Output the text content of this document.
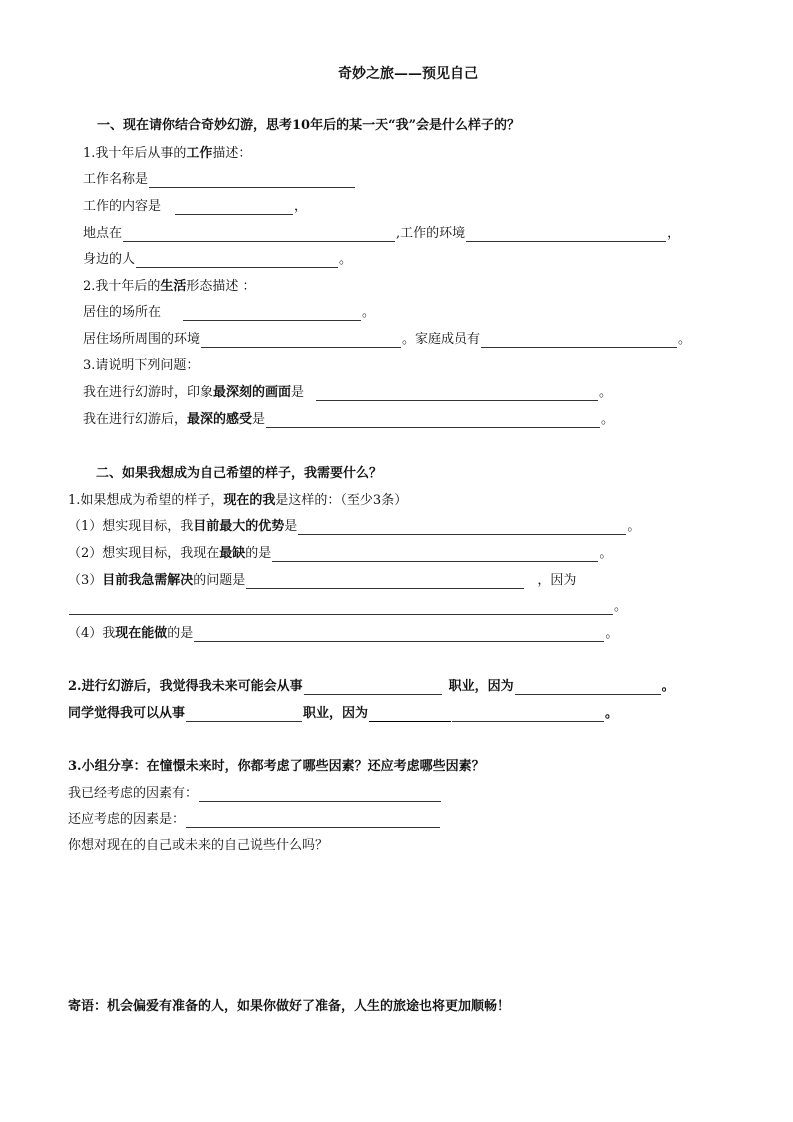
奇妙之旅——预见自己
一、现在请你结合奇妙幻游，思考10年后的某一天“我”会是什么样子的？
1.我十年后从事的 工作 描述：
工作名称是
工作的内容是	，
地点在	,工作的环境	，
身边的人	。
2.我十年后的 生活 形态描述 ：
居住的场所在	。
居住场所周围的环境	。家庭成员有	。
3.请说明下列问题：
我在进行幻游时，印象 最深刻的画面 是	。
我在进行幻游后， 最深的感受 是	。
二、如果我想成为自己希望的样子，我需要什么？
1.如果想成为希望的样子， 现在的我 是这样的：（至少3条）
（1）想实现目标，我 目前最大的优势 是	。
（2）想实现目标，我现在 最缺 的是	。
（3） 目前我急需解决 的问题是	，因为
。
（4）我 现在能做 的是	。
2.进行幻游后，我觉得我未来可能会从事	职业，因为	。
同学觉得我可以从事	职业，因为	。
3.小组分享：在憧憬未来时，你都考虑了哪些因素？还应考虑哪些因素？
我已经考虑的因素有：
还应考虑的因素是：
你想对现在的自己或未来的自己说些什么吗？
寄语：机会偏爱有准备的人，如果你做好了准备，人生的旅途也将更加顺畅！
